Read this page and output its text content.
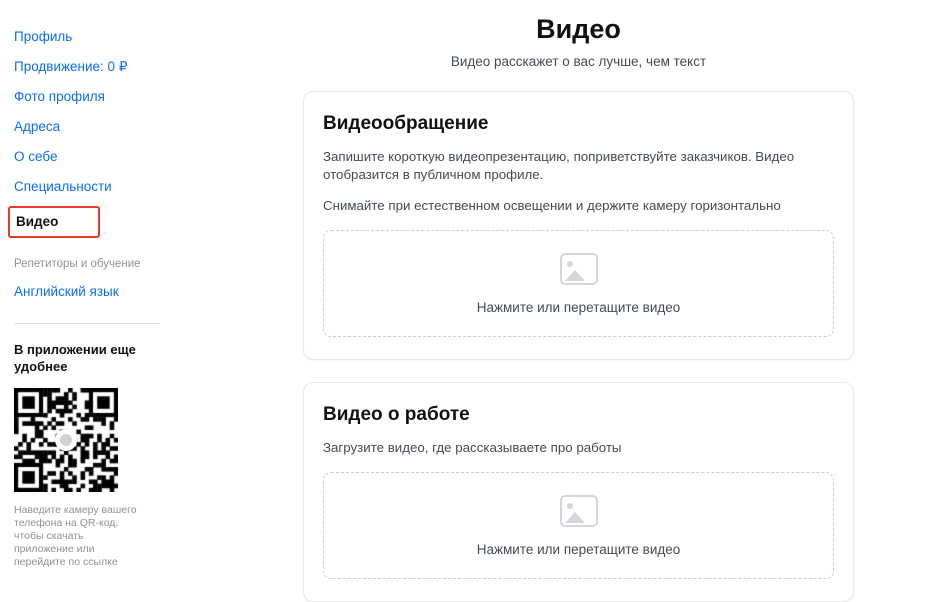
Профиль
Продвижение: 0 ₽
Фото профиля
Адреса
О себе
Специальности
Видео
Репетиторы и обучение
Английский язык
В приложении еще удобнее
Наведите камеру вашего телефона на QR-код, чтобы скачать приложение или перейдите по ссылке
Видео
Видео расскажет о вас лучше, чем текст
Видеообращение
Запишите короткую видеопрезентацию, поприветствуйте заказчиков. Видео отобразится в публичном профиле.
Снимайте при естественном освещении и держите камеру горизонтально
Нажмите или перетащите видео
Видео о работе
Загрузите видео, где рассказываете про работы
Нажмите или перетащите видео
